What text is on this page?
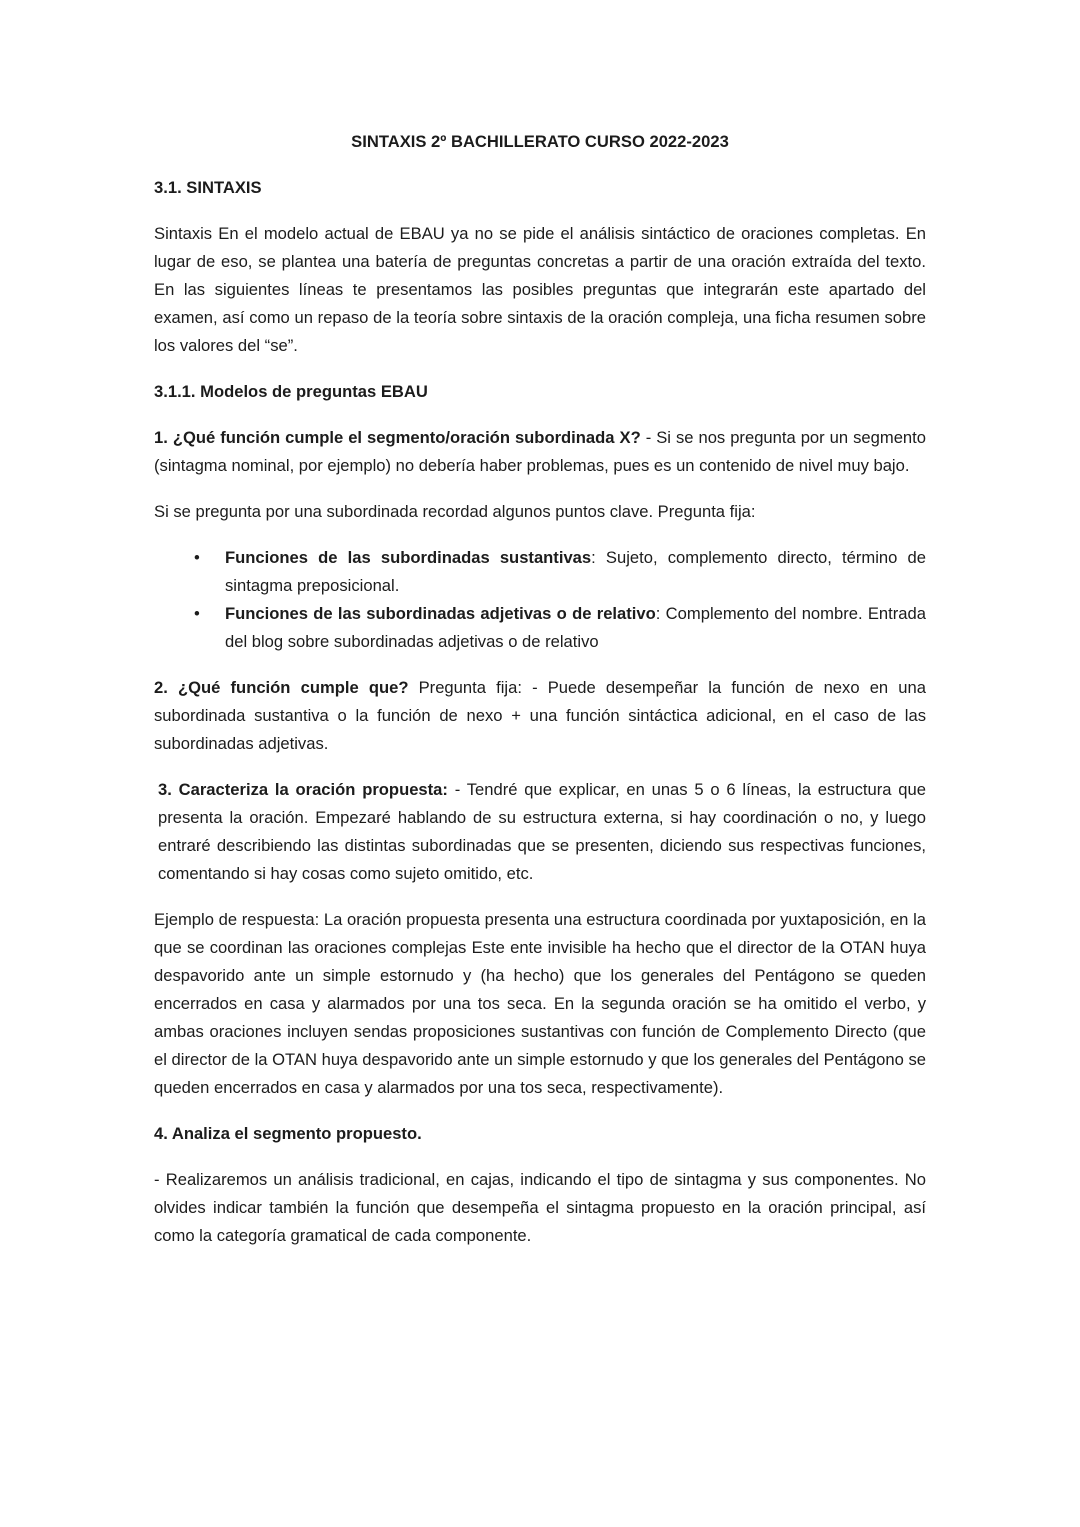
SINTAXIS 2º BACHILLERATO CURSO 2022-2023

3.1. SINTAXIS

Sintaxis En el modelo actual de EBAU ya no se pide el análisis sintáctico de oraciones completas. En lugar de eso, se plantea una batería de preguntas concretas a partir de una oración extraída del texto. En las siguientes líneas te presentamos las posibles preguntas que integrarán este apartado del examen, así como un repaso de la teoría sobre sintaxis de la oración compleja, una ficha resumen sobre los valores del “se”.

3.1.1. Modelos de preguntas EBAU

1. ¿Qué función cumple el segmento/oración subordinada X? - Si se nos pregunta por un segmento (sintagma nominal, por ejemplo) no debería haber problemas, pues es un contenido de nivel muy bajo.

Si se pregunta por una subordinada recordad algunos puntos clave. Pregunta fija:

• Funciones de las subordinadas sustantivas: Sujeto, complemento directo, término de sintagma preposicional.
• Funciones de las subordinadas adjetivas o de relativo: Complemento del nombre. Entrada del blog sobre subordinadas adjetivas o de relativo

2. ¿Qué función cumple que? Pregunta fija: - Puede desempeñar la función de nexo en una subordinada sustantiva o la función de nexo + una función sintáctica adicional, en el caso de las subordinadas adjetivas.

3. Caracteriza la oración propuesta: - Tendré que explicar, en unas 5 o 6 líneas, la estructura que presenta la oración. Empezaré hablando de su estructura externa, si hay coordinación o no, y luego entraré describiendo las distintas subordinadas que se presenten, diciendo sus respectivas funciones, comentando si hay cosas como sujeto omitido, etc.

Ejemplo de respuesta: La oración propuesta presenta una estructura coordinada por yuxtaposición, en la que se coordinan las oraciones complejas Este ente invisible ha hecho que el director de la OTAN huya despavorido ante un simple estornudo y (ha hecho) que los generales del Pentágono se queden encerrados en casa y alarmados por una tos seca. En la segunda oración se ha omitido el verbo, y ambas oraciones incluyen sendas proposiciones sustantivas con función de Complemento Directo (que el director de la OTAN huya despavorido ante un simple estornudo y que los generales del Pentágono se queden encerrados en casa y alarmados por una tos seca, respectivamente).

4. Analiza el segmento propuesto.

- Realizaremos un análisis tradicional, en cajas, indicando el tipo de sintagma y sus componentes. No olvides indicar también la función que desempeña el sintagma propuesto en la oración principal, así como la categoría gramatical de cada componente.
